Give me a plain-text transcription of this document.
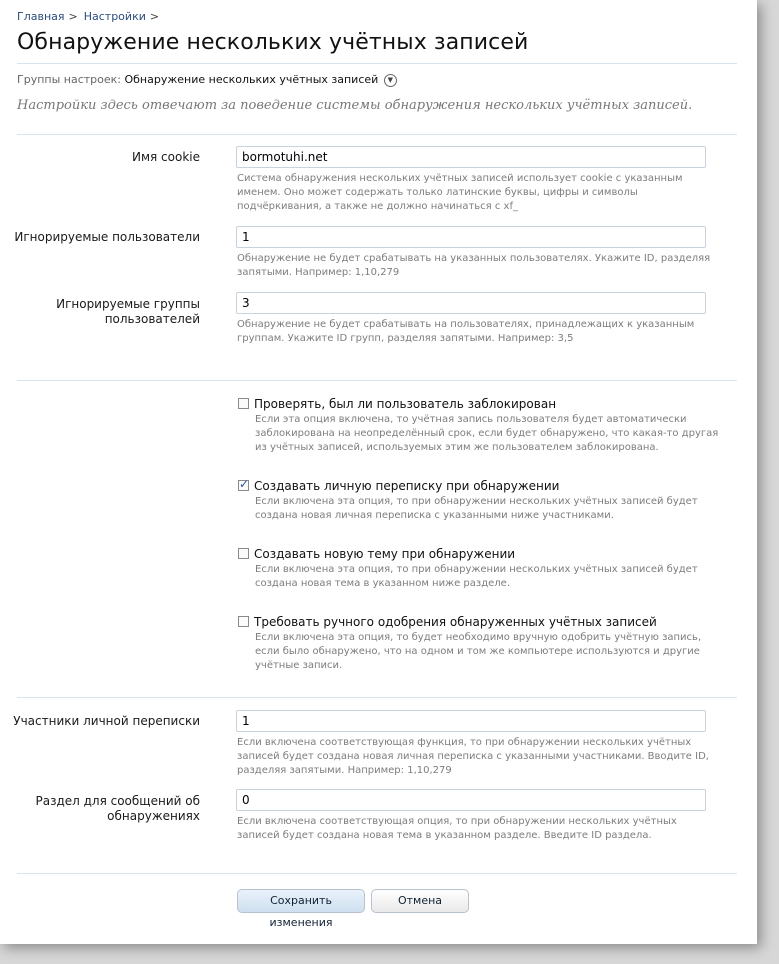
Главная > Настройки >
Обнаружение нескольких учётных записей
Группы настроек: Обнаружение нескольких учётных записей ▼
Настройки здесь отвечают за поведение системы обнаружения нескольких учётных записей.
Имя cookie
bormotuhi.net
Система обнаружения нескольких учётных записей использует cookie с указанным именем. Оно может содержать только латинские буквы, цифры и символы подчёркивания, а также не должно начинаться с xf_
Игнорируемые пользователи
1
Обнаружение не будет срабатывать на указанных пользователях. Укажите ID, разделяя запятыми. Например: 1,10,279
Игнорируемые группы пользователей
3	Обнаружение не будет срабатывать на пользователях, принадлежащих к указанным группам. Укажите ID групп, разделяя запятыми. Например: 3,5
Проверять, был ли пользователь заблокирован
Если эта опция включена, то учётная запись пользователя будет автоматически заблокирована на неопределённый срок, если будет обнаружено, что какая-то другая из учётных записей, используемых этим же пользователем заблокирована.
✓Создавать личную переписку при обнаружении
Если включена эта опция, то при обнаружении нескольких учётных записей будет создана новая личная переписка с указанными ниже участниками.
Создавать новую тему при обнаружении
Если включена эта опция, то при обнаружении нескольких учётных записей будет создана новая тема в указанном ниже разделе.
Требовать ручного одобрения обнаруженных учётных записей
Если включена эта опция, то будет необходимо вручную одобрить учётную запись, если было обнаружено, что на одном и том же компьютере используются и другие учётные записи.
Участники личной переписки
1
Если включена соответствующая функция, то при обнаружении нескольких учётных записей будет создана новая личная переписка с указанными участниками. Вводите ID, разделяя запятыми. Например: 1,10,279
Раздел для сообщений об обнаружениях
0	Если включена соответствующая опция, то при обнаружении нескольких учётных записей будет создана новая тема в указанном разделе. Введите ID раздела.
Сохранить изменения
Отмена
